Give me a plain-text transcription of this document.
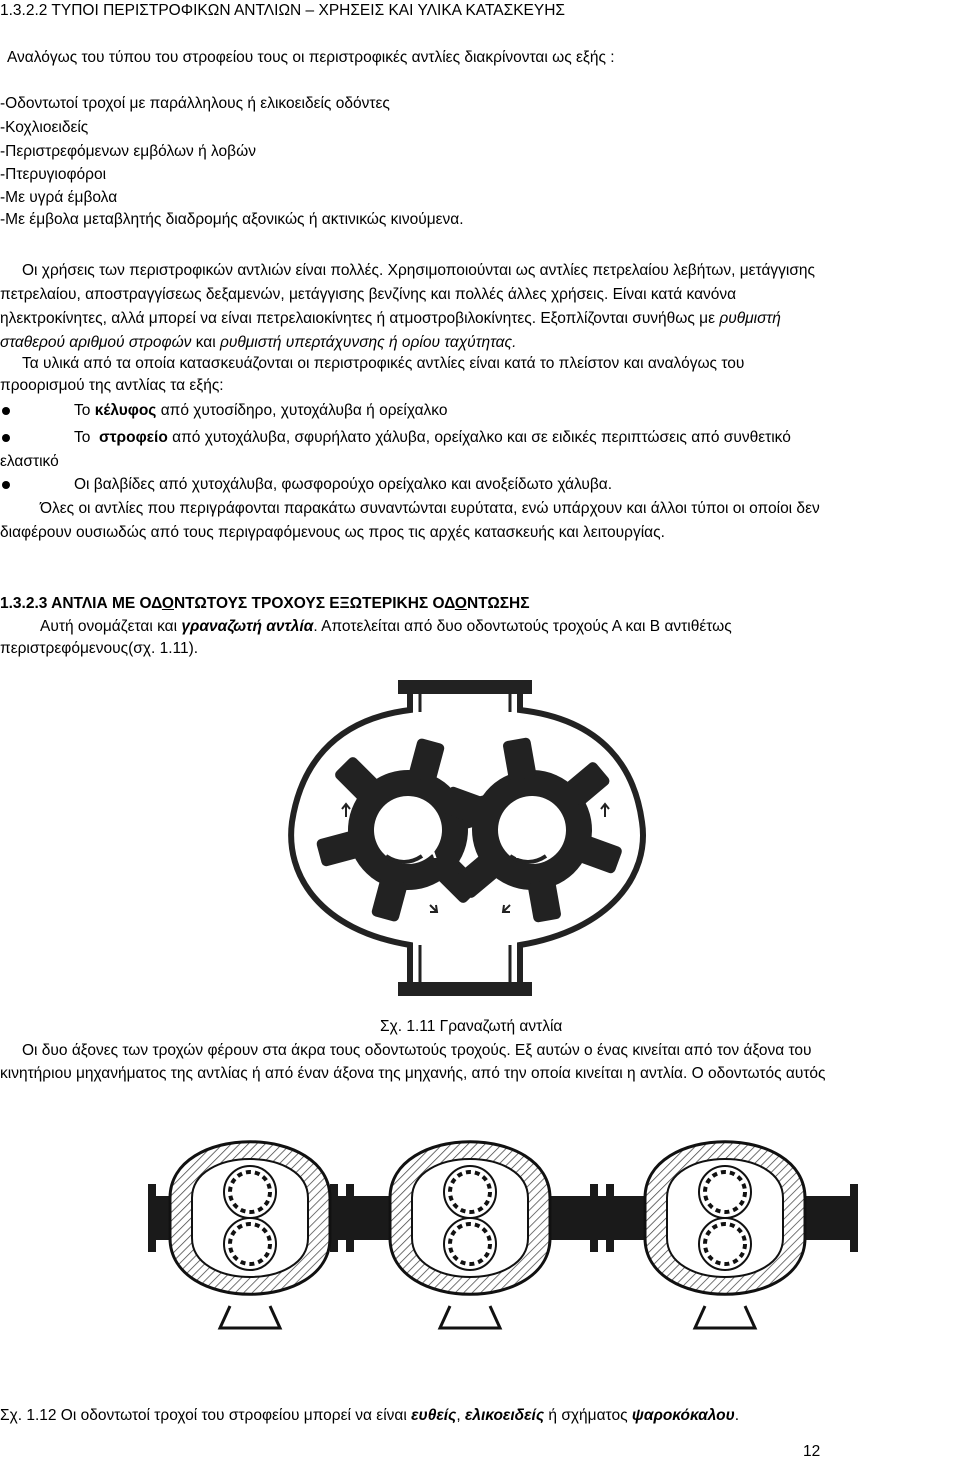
1.3.2.2 ΤΥΠΟΙ ΠΕΡΙΣΤΡΟΦΙΚΩΝ ΑΝΤΛΙΩΝ – ΧΡΗΣΕΙΣ ΚΑΙ ΥΛΙΚΑ ΚΑΤΑΣΚΕΥΗΣ
Αναλόγως του τύπου του στροφείου τους οι περιστροφικές αντλίες διακρίνονται ως εξής :
-Οδοντωτοί τροχοί με παράλληλους ή ελικοειδείς οδόντες
-Κοχλιοειδείς
-Περιστρεφόμενων εμβόλων ή λοβών
-Πτερυγιοφόροι
-Με υγρά έμβολα
-Με έμβολα μεταβλητής διαδρομής αξονικώς ή ακτινικώς κινούμενα.
Οι χρήσεις των περιστροφικών αντλιών είναι πολλές. Χρησιμοποιούνται ως αντλίες πετρελαίου λεβήτων, μετάγγισης
πετρελαίου, αποστραγγίσεως δεξαμενών, μετάγγισης βενζίνης και πολλές άλλες χρήσεις. Είναι κατά κανόνα
ηλεκτροκίνητες, αλλά μπορεί να είναι πετρελαιοκίνητες ή ατμοστροβιλοκίνητες. Εξοπλίζονται συνήθως με ρυθμιστή
σταθερού αριθμού στροφών και ρυθμιστή υπερτάχυνσης ή ορίου ταχύτητας.
Τα υλικά από τα οποία κατασκευάζονται οι περιστροφικές αντλίες είναι κατά το πλείστον και αναλόγως του
προορισμού της αντλίας τα εξής:
Το κέλυφος από χυτοσίδηρο, χυτοχάλυβα ή ορείχαλκο
Το στροφείο από χυτοχάλυβα, σφυρήλατο χάλυβα, ορείχαλκο και σε ειδικές περιπτώσεις από συνθετικό
ελαστικό
Οι βαλβίδες από χυτοχάλυβα, φωσφορούχο ορείχαλκο και ανοξείδωτο χάλυβα.
Όλες οι αντλίες που περιγράφονται παρακάτω συναντώνται ευρύτατα, ενώ υπάρχουν και άλλοι τύποι οι οποίοι δεν
διαφέρουν ουσιωδώς από τους περιγραφόμενους ως προς τις αρχές κατασκευής και λειτουργίας.
1.3.2.3 ΑΝΤΛΙΑ ΜΕ ΟΔΟΝΤΩΤΟΥΣ ΤΡΟΧΟΥΣ ΕΞΩΤΕΡΙΚΗΣ ΟΔΟΝΤΩΣΗΣ
Αυτή ονομάζεται και γραναζωτή αντλία. Αποτελείται από δυο οδοντωτούς τροχούς Α και Β αντιθέτως
περιστρεφόμενους(σχ. 1.11).
A	B
Σχ. 1.11 Γραναζωτή αντλία
Οι δυο άξονες των τροχών φέρουν στα άκρα τους οδοντωτούς τροχούς. Εξ αυτών ο ένας κινείται από τον άξονα του
κινητήριου μηχανήματος της αντλίας ή από έναν άξονα της μηχανής, από την οποία κινείται η αντλία. Ο οδοντωτός αυτός
Σχ. 1.12 Οι οδοντωτοί τροχοί του στροφείου μπορεί να είναι ευθείς, ελικοειδείς ή σχήματος ψαροκόκαλου.
12
